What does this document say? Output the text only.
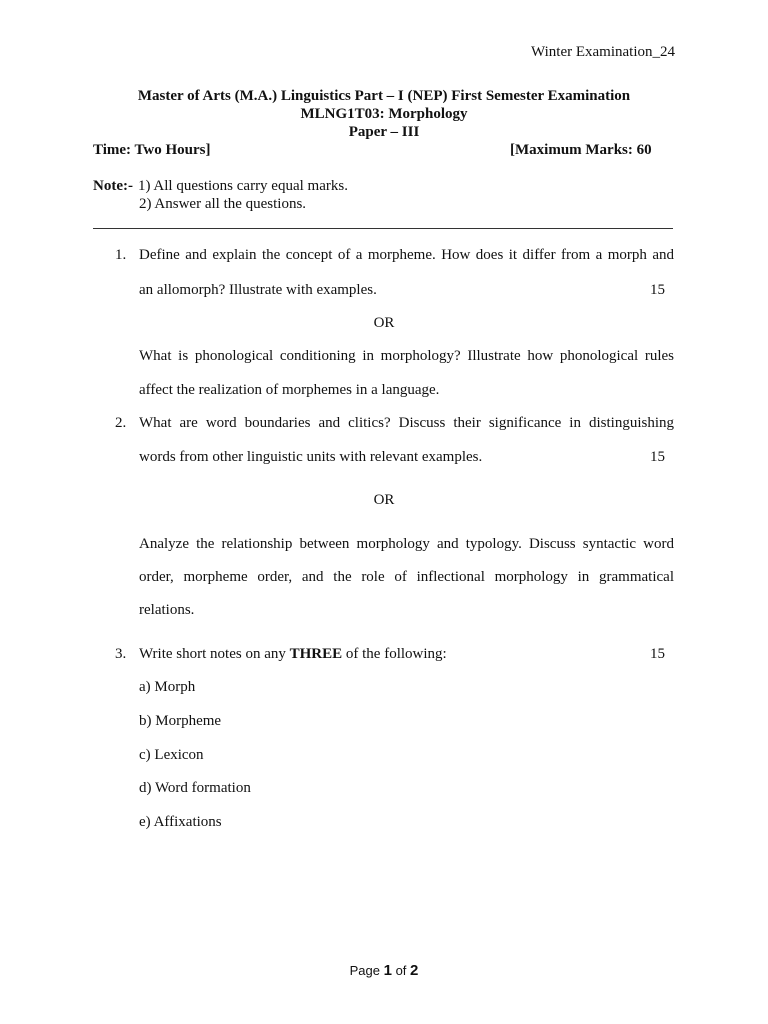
Winter Examination_24
Master of Arts (M.A.) Linguistics Part – I (NEP) First Semester Examination
MLNG1T03: Morphology
Paper – III
Time: Two Hours]	[Maximum Marks: 60
Note:- 1) All questions carry equal marks.
2) Answer all the questions.
1. Define and explain the concept of a morpheme. How does it differ from a morph and
an allomorph? Illustrate with examples.	15
OR
What is phonological conditioning in morphology? Illustrate how phonological rules
affect the realization of morphemes in a language.
2. What are word boundaries and clitics? Discuss their significance in distinguishing
words from other linguistic units with relevant examples.	15
OR
Analyze the relationship between morphology and typology. Discuss syntactic word
order, morpheme order, and the role of inflectional morphology in grammatical
relations.
3. Write short notes on any THREE of the following:	15
a) Morph
b) Morpheme
c) Lexicon
d) Word formation
e) Affixations
Page 1 of 2
